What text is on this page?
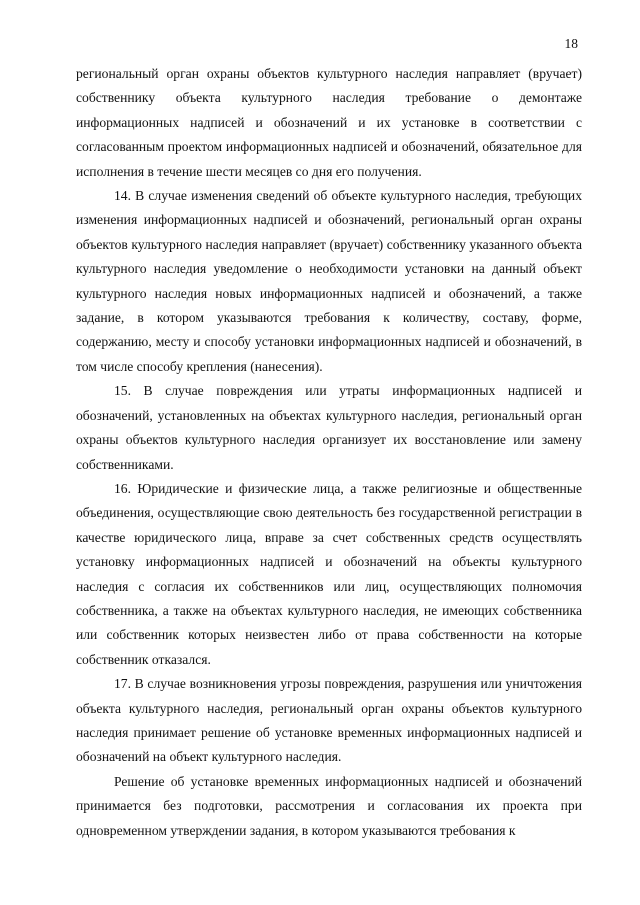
18

региональный орган охраны объектов культурного наследия направляет (вручает) собственнику объекта культурного наследия требование о демонтаже информационных надписей и обозначений и их установке в соответствии с согласованным проектом информационных надписей и обозначений, обязательное для исполнения в течение шести месяцев со дня его получения.

14. В случае изменения сведений об объекте культурного наследия, требующих изменения информационных надписей и обозначений, региональный орган охраны объектов культурного наследия направляет (вручает) собственнику указанного объекта культурного наследия уведомление о необходимости установки на данный объект культурного наследия новых информационных надписей и обозначений, а также задание, в котором указываются требования к количеству, составу, форме, содержанию, месту и способу установки информационных надписей и обозначений, в том числе способу крепления (нанесения).

15. В случае повреждения или утраты информационных надписей и обозначений, установленных на объектах культурного наследия, региональный орган охраны объектов культурного наследия организует их восстановление или замену собственниками.

16. Юридические и физические лица, а также религиозные и общественные объединения, осуществляющие свою деятельность без государственной регистрации в качестве юридического лица, вправе за счет собственных средств осуществлять установку информационных надписей и обозначений на объекты культурного наследия с согласия их собственников или лиц, осуществляющих полномочия собственника, а также на объектах культурного наследия, не имеющих собственника или собственник которых неизвестен либо от права собственности на которые собственник отказался.

17. В случае возникновения угрозы повреждения, разрушения или уничтожения объекта культурного наследия, региональный орган охраны объектов культурного наследия принимает решение об установке временных информационных надписей и обозначений на объект культурного наследия.

Решение об установке временных информационных надписей и обозначений принимается без подготовки, рассмотрения и согласования их проекта при одновременном утверждении задания, в котором указываются требования к
